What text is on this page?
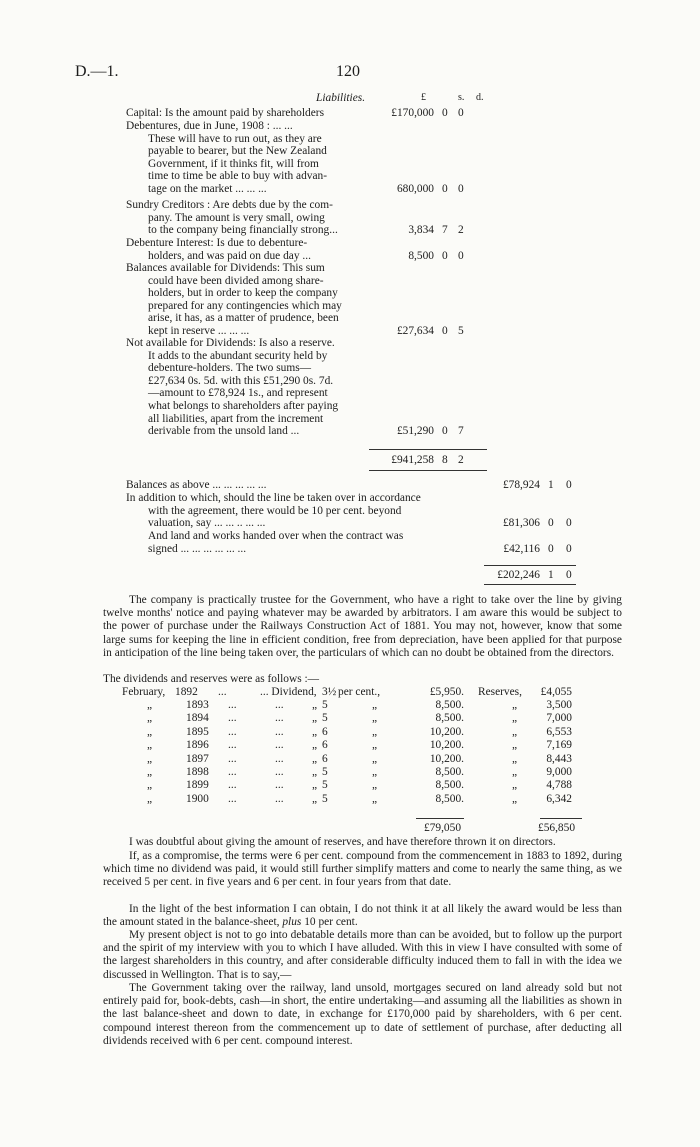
D.—1.	120
Liabilities.	£	s. d.
Capital: Is the amount paid by shareholders	£170,000 0 0
Debentures, due in June, 1908 : ... ...
These will have to run out, as they are
payable to bearer, but the New Zealand
Government, if it thinks fit, will from
time to time be able to buy with advan-
tage on the market ... ... ...	680,000 0 0
Sundry Creditors : Are debts due by the com-
pany. The amount is very small, owing
to the company being financially strong...	3,834 7 2
Debenture Interest: Is due to debenture-
holders, and was paid on due day ...	8,500 0 0
Balances available for Dividends: This sum
could have been divided among share-
holders, but in order to keep the company
prepared for any contingencies which may
arise, it has, as a matter of prudence, been
kept in reserve ... ... ...	£27,634 0 5
Not available for Dividends: Is also a reserve.
It adds to the abundant security held by
debenture-holders. The two sums—
£27,634 0s. 5d. with this £51,290 0s. 7d.
—amount to £78,924 1s., and represent
what belongs to shareholders after paying
all liabilities, apart from the increment
derivable from the unsold land ...	£51,290 0 7
£941,258 8 2
Balances as above ... ... ... ... ...	£78,924 1 0
In addition to which, should the line be taken over in accordance
with the agreement, there would be 10 per cent. beyond
valuation, say ... ... .. ... ...	£81,306 0 0
And land and works handed over when the contract was
signed ... ... ... ... ... ...	£42,116 0 0
£202,246 1 0

The company is practically trustee for the Government, who have a right to take over the line by giving twelve months' notice and paying whatever may be awarded by arbitrators. I am aware this would be subject to the power of purchase under the Railways Construction Act of 1881. You may not, however, know that some large sums for keeping the line in efficient condition, free from depreciation, have been applied for that purpose in anticipation of the line being taken over, the particulars of which can no doubt be obtained from the directors.

The dividends and reserves were as follows :—
February, 1892 ...	... Dividend, 3½ per cent.,	£5,950. Reserves,	£4,055
„	1893 ...	... „ 5	„	8,500.	„	3,500
„	1894 ...	... „ 5	„	8,500.	„	7,000
„	1895 ...	... „ 6	„	10,200.	„	6,553
„	1896 ...	... „ 6	„	10,200.	„	7,169
„	1897 ...	... „ 6	„	10,200.	„	8,443
„	1898 ...	... „ 5	„	8,500.	„	9,000
„	1899 ...	... „ 5	„	8,500.	„	4,788
„	1900 ...	... „ 5	„	8,500.	„	6,342
£79,050	£56,850

I was doubtful about giving the amount of reserves, and have therefore thrown it on directors.

If, as a compromise, the terms were 6 per cent. compound from the commencement in 1883 to 1892, during which time no dividend was paid, it would still further simplify matters and come to nearly the same thing, as we received 5 per cent. in five years and 6 per cent. in four years from that date.

In the light of the best information I can obtain, I do not think it at all likely the award would be less than the amount stated in the balance-sheet, plus 10 per cent.

My present object is not to go into debatable details more than can be avoided, but to follow up the purport and the spirit of my interview with you to which I have alluded. With this in view I have consulted with some of the largest shareholders in this country, and after considerable difficulty induced them to fall in with the idea we discussed in Wellington. That is to say,—

The Government taking over the railway, land unsold, mortgages secured on land already sold but not entirely paid for, book-debts, cash—in short, the entire undertaking—and assuming all the liabilities as shown in the last balance-sheet and down to date, in exchange for £170,000 paid by shareholders, with 6 per cent. compound interest thereon from the commencement up to date of settlement of purchase, after deducting all dividends received with 6 per cent. compound interest.
